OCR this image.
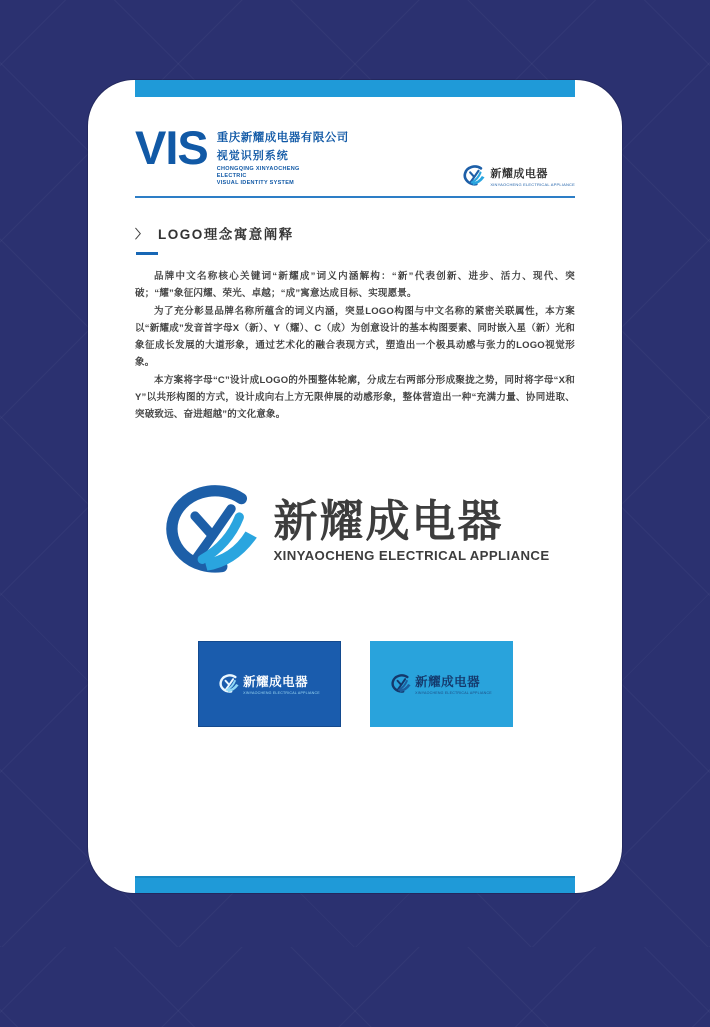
VIS 重庆新耀成电器有限公司
视觉识别系统
CHONGQING XINYAOCHENG
ELECTRIC
VISUAL IDENTITY SYSTEM
新耀成电器
XINYAOCHENG ELECTRICAL APPLIANCE
〉 LOGO理念寓意阐释

品牌中文名称核心关键词“新耀成”词义内涵解构：“新”代表创新、进步、活力、现代、突破；“耀”象征闪耀、荣光、卓越；“成”寓意达成目标、实现愿景。

为了充分彰显品牌名称所蕴含的词义内涵，突显LOGO构图与中文名称的紧密关联属性，本方案以“新耀成”发音首字母X（新）、Y（耀）、C（成）为创意设计的基本构图要素、同时嵌入星（新）光和象征成长发展的大道形象，通过艺术化的融合表现方式，塑造出一个极具动感与张力的LOGO视觉形象。

本方案将字母“C”设计成LOGO的外围整体轮廓，分成左右两部分形成聚拢之势，同时将字母“X和Y”以共形构图的方式，设计成向右上方无限伸展的动感形象，整体营造出一种“充满力量、协同进取、突破致远、奋进超越”的文化意象。

新耀成电器
XINYAOCHENG ELECTRICAL APPLIANCE
新耀成电器
XINYAOCHENG ELECTRICAL APPLIANCE
新耀成电器
XINYAOCHENG ELECTRICAL APPLIANCE
